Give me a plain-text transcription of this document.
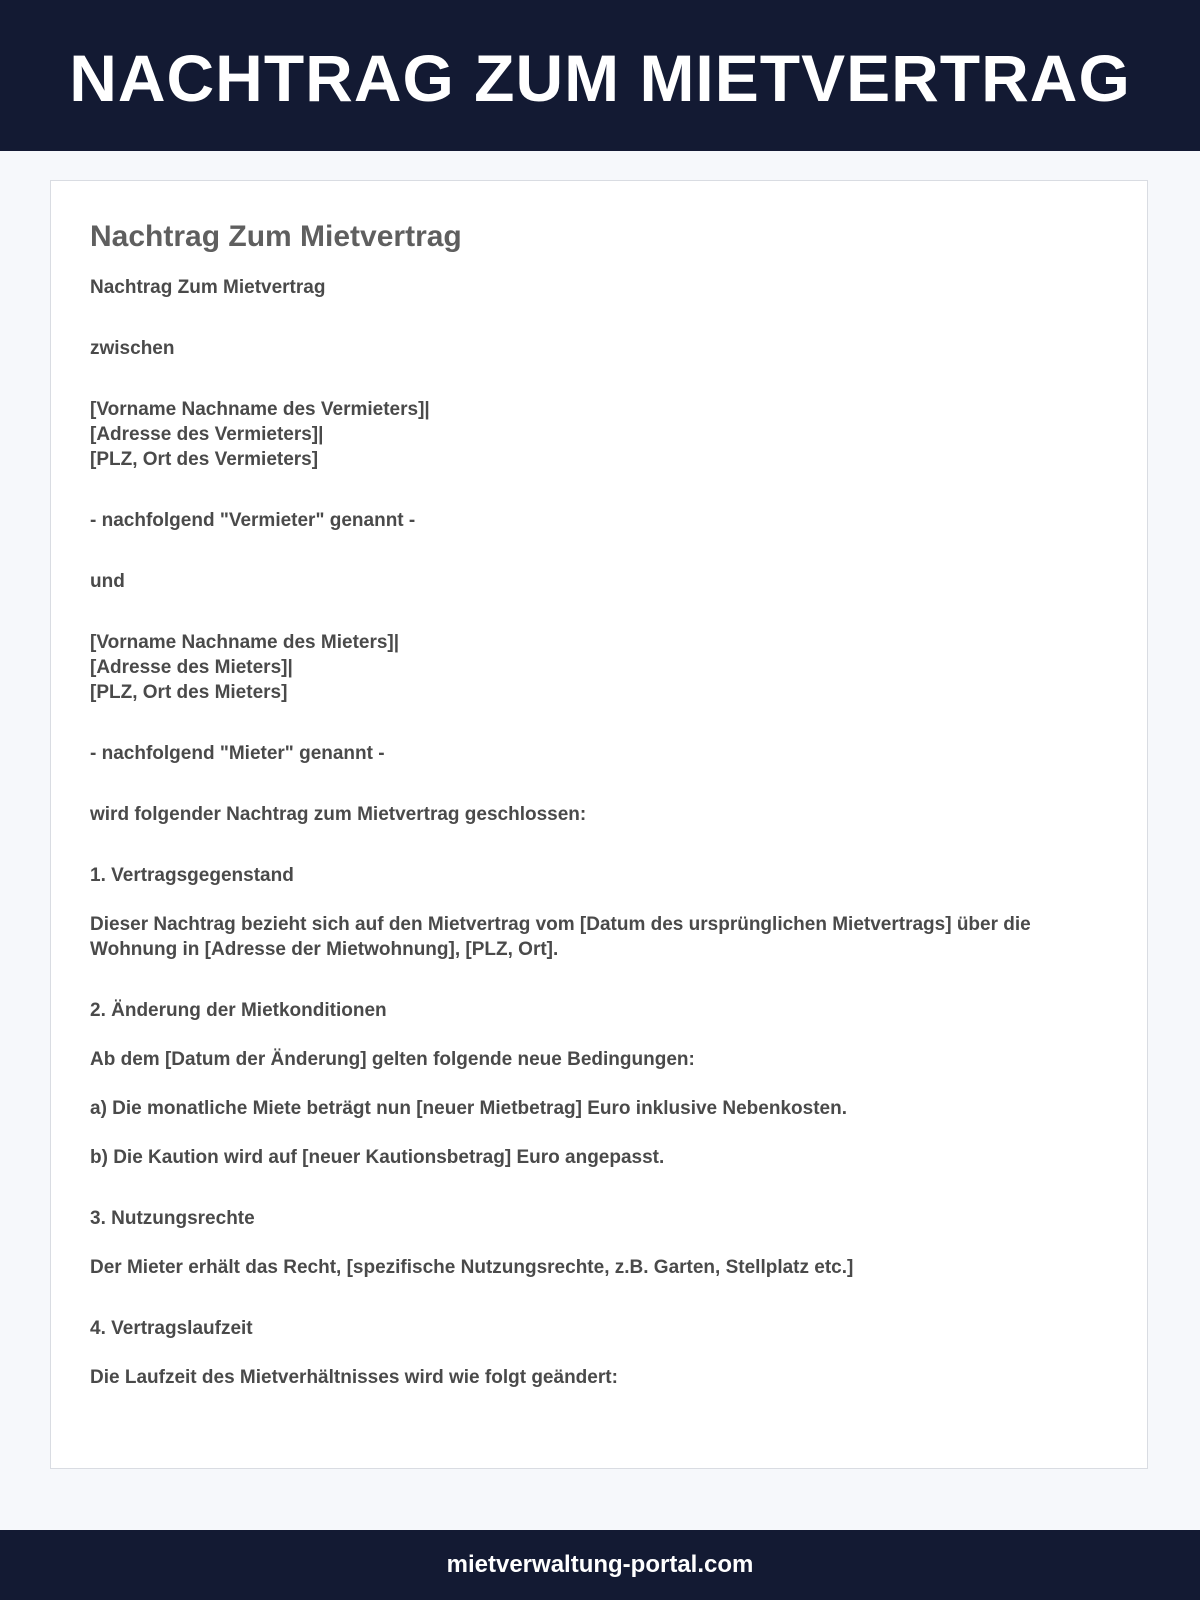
NACHTRAG ZUM MIETVERTRAG
Nachtrag Zum Mietvertrag

Nachtrag Zum Mietvertrag

zwischen

[Vorname Nachname des Vermieters]|

[Adresse des Vermieters]|

[PLZ, Ort des Vermieters]

- nachfolgend "Vermieter" genannt -

und

[Vorname Nachname des Mieters]|

[Adresse des Mieters]|

[PLZ, Ort des Mieters]

- nachfolgend "Mieter" genannt -

wird folgender Nachtrag zum Mietvertrag geschlossen:

1. Vertragsgegenstand

Dieser Nachtrag bezieht sich auf den Mietvertrag vom [Datum des ursprünglichen Mietvertrags] über die Wohnung in [Adresse der Mietwohnung], [PLZ, Ort].

2. Änderung der Mietkonditionen

Ab dem [Datum der Änderung] gelten folgende neue Bedingungen:

a) Die monatliche Miete beträgt nun [neuer Mietbetrag] Euro inklusive Nebenkosten.

b) Die Kaution wird auf [neuer Kautionsbetrag] Euro angepasst.

3. Nutzungsrechte

Der Mieter erhält das Recht, [spezifische Nutzungsrechte, z.B. Garten, Stellplatz etc.]

4. Vertragslaufzeit

Die Laufzeit des Mietverhältnisses wird wie folgt geändert:

mietverwaltung-portal.com
